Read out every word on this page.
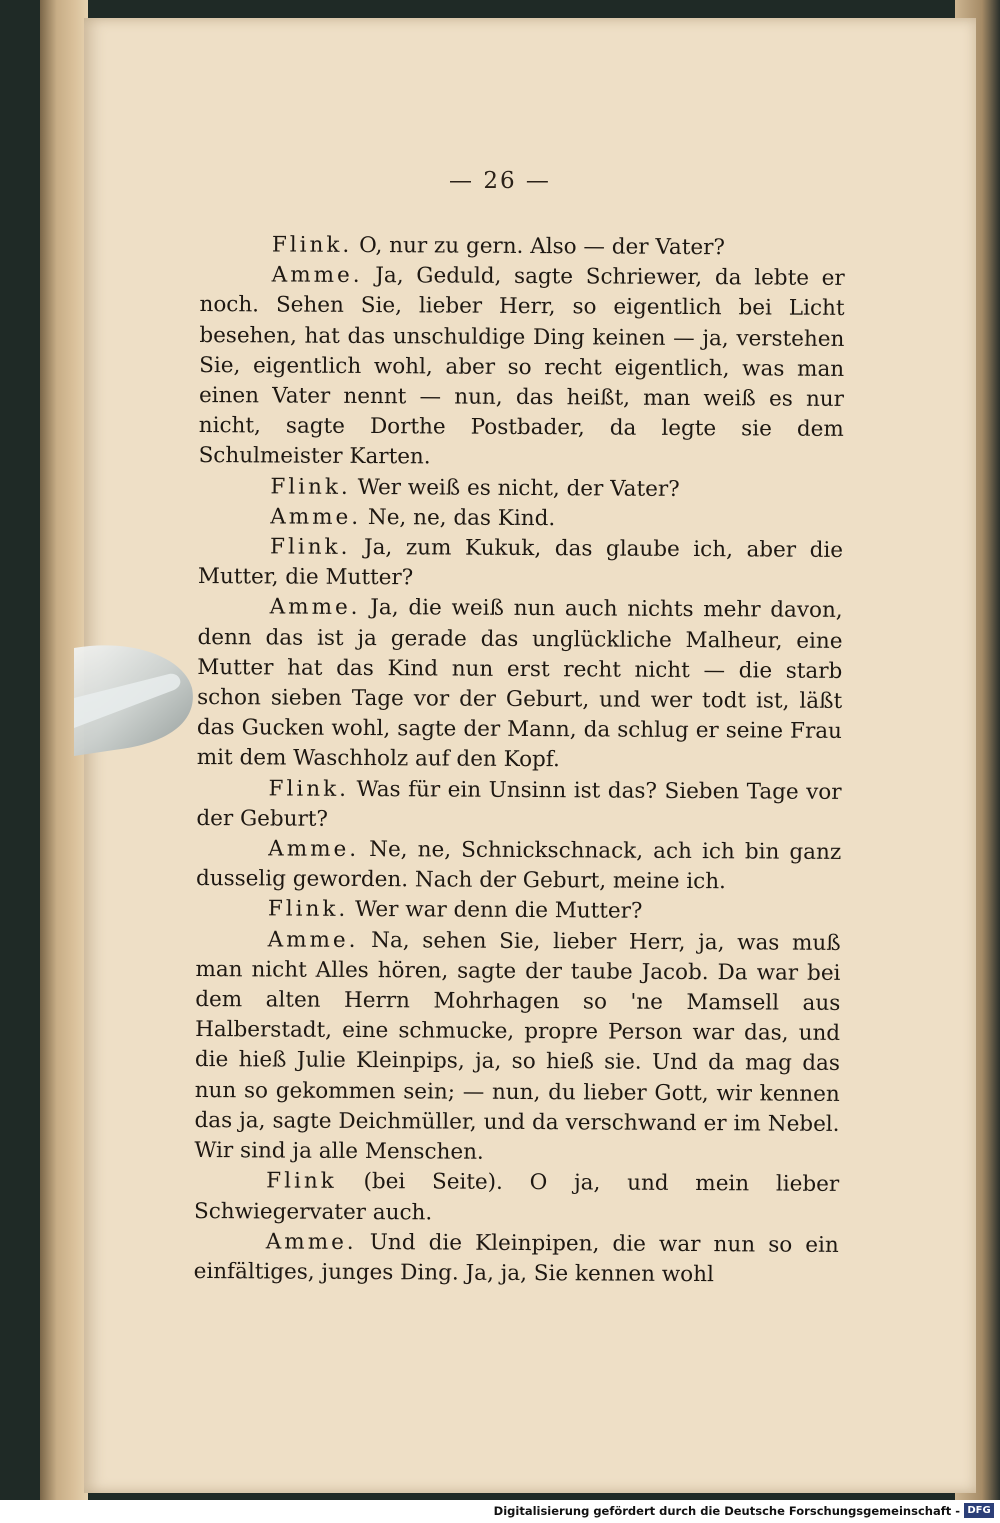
— 26 —

Flink. O, nur zu gern. Also — der Vater?

Amme. Ja, Geduld, sagte Schriewer, da lebte er noch. Sehen Sie, lieber Herr, so eigentlich bei Licht besehen, hat das unschuldige Ding keinen — ja, verstehen Sie, eigentlich wohl, aber so recht eigentlich, was man einen Vater nennt — nun, das heißt, man weiß es nur nicht, sagte Dorthe Postbader, da legte sie dem Schulmeister Karten.

Flink. Wer weiß es nicht, der Vater?

Amme. Ne, ne, das Kind.

Flink. Ja, zum Kukuk, das glaube ich, aber die Mutter, die Mutter?

Amme. Ja, die weiß nun auch nichts mehr davon, denn das ist ja gerade das unglückliche Malheur, eine Mutter hat das Kind nun erst recht nicht — die starb schon sieben Tage vor der Geburt, und wer todt ist, läßt das Gucken wohl, sagte der Mann, da schlug er seine Frau mit dem Waschholz auf den Kopf.

Flink. Was für ein Unsinn ist das? Sieben Tage vor der Geburt?

Amme. Ne, ne, Schnickschnack, ach ich bin ganz dusselig geworden. Nach der Geburt, meine ich.

Flink. Wer war denn die Mutter?

Amme. Na, sehen Sie, lieber Herr, ja, was muß man nicht Alles hören, sagte der taube Jacob. Da war bei dem alten Herrn Mohrhagen so 'ne Mamsell aus Halberstadt, eine schmucke, propre Person war das, und die hieß Julie Kleinpips, ja, so hieß sie. Und da mag das nun so gekommen sein; — nun, du lieber Gott, wir kennen das ja, sagte Deichmüller, und da verschwand er im Nebel. Wir sind ja alle Menschen.

Flink (bei Seite). O ja, und mein lieber Schwiegervater auch.

Amme. Und die Kleinpipen, die war nun so ein einfältiges, junges Ding. Ja, ja, Sie kennen wohl

Digitalisierung gefördert durch die Deutsche Forschungsgemeinschaft - DFG
